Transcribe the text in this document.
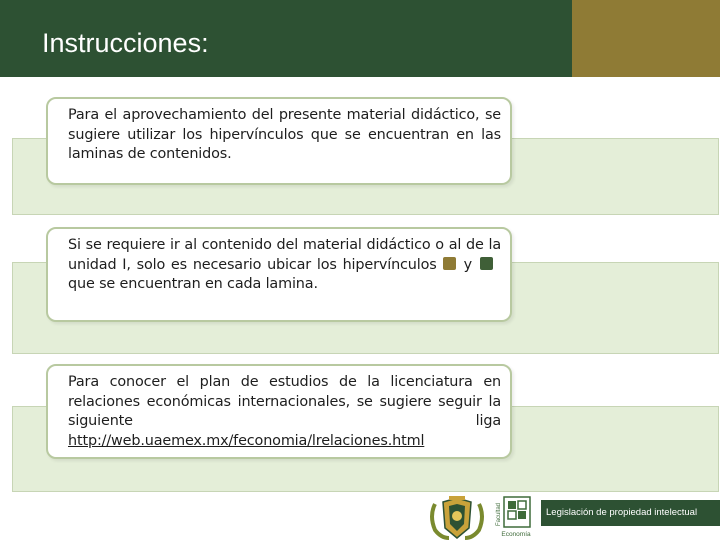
Instrucciones:
Para el aprovechamiento del presente material didáctico, se sugiere utilizar los hipervínculos que se encuentran en las laminas de contenidos.
Si se requiere ir al contenido del material didáctico o al de la unidad I, solo es necesario ubicar los hipervínculos yque se encuentran en cada lamina.
Para conocer el plan de estudios de la licenciatura en relaciones económicas internacionales, se sugiere seguir la siguiente liga http://web.uaemex.mx/feconomia/lrelaciones.html
Facultad
Economía
Legislación de propiedad intelectual
